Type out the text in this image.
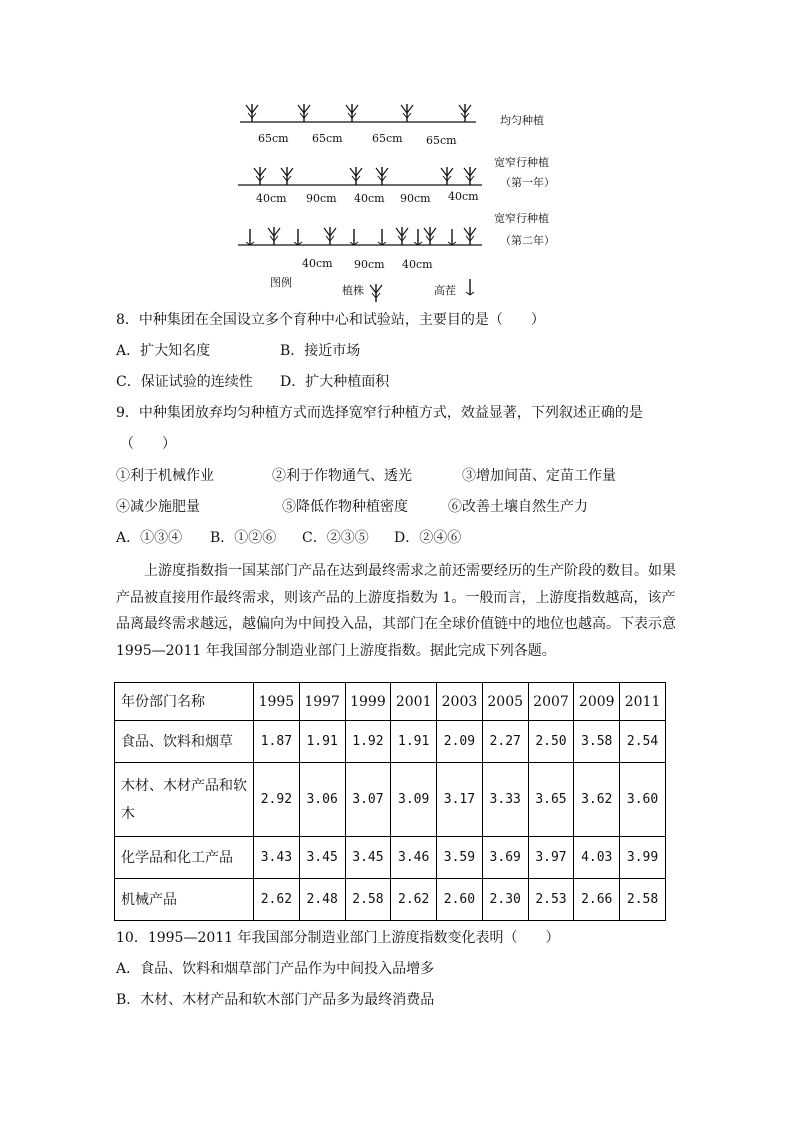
均匀种植
65cm 65cm	65cm 65cm
宽窄行种植
（第一年）
40cm 90cm 40cm 90cm 40cm
宽窄行种植
（第二年）
40cm 90cm 40cm
图例
植株	高茬
8．中种集团在全国设立多个育种中心和试验站，主要目的是（　　）
A．扩大知名度	B．接近市场
C．保证试验的连续性 D．扩大种植面积
9．中种集团放弃均匀种植方式而选择宽窄行种植方式，效益显著，下列叙述正确的是
（　　）
①利于机械作业	②利于作物通气、透光	③增加间苗、定苗工作量
④减少施肥量	⑤降低作物种植密度	⑥改善土壤自然生产力
A．①③④ B．①②⑥ C．②③⑤ D．②④⑥
上游度指数指一国某部门产品在达到最终需求之前还需要经历的生产阶段的数目。如果产品被直接用作最终需求，则该产品的上游度指数为 1。一般而言，上游度指数越高，该产品离最终需求越远，越偏向为中间投入品，其部门在全球价值链中的地位也越高。下表示意 1995—2011 年我国部分制造业部门上游度指数。据此完成下列各题。
年份部门名称	1995	1997	1999	2001	2003	2005	2007	2009	2011
食品、饮料和烟草	1.87	1.91	1.92	1.91	2.09	2.27	2.50	3.58	2.54
木材、木材产品和软木	2.92	3.06	3.07	3.09	3.17	3.33	3.65	3.62	3.60
化学品和化工产品	3.43	3.45	3.45	3.46	3.59	3.69	3.97	4.03	3.99
机械产品	2.62	2.48	2.58	2.62	2.60	2.30	2.53	2.66	2.58
10．1995—2011 年我国部分制造业部门上游度指数变化表明（　　）
A．食品、饮料和烟草部门产品作为中间投入品增多
B．木材、木材产品和软木部门产品多为最终消费品
